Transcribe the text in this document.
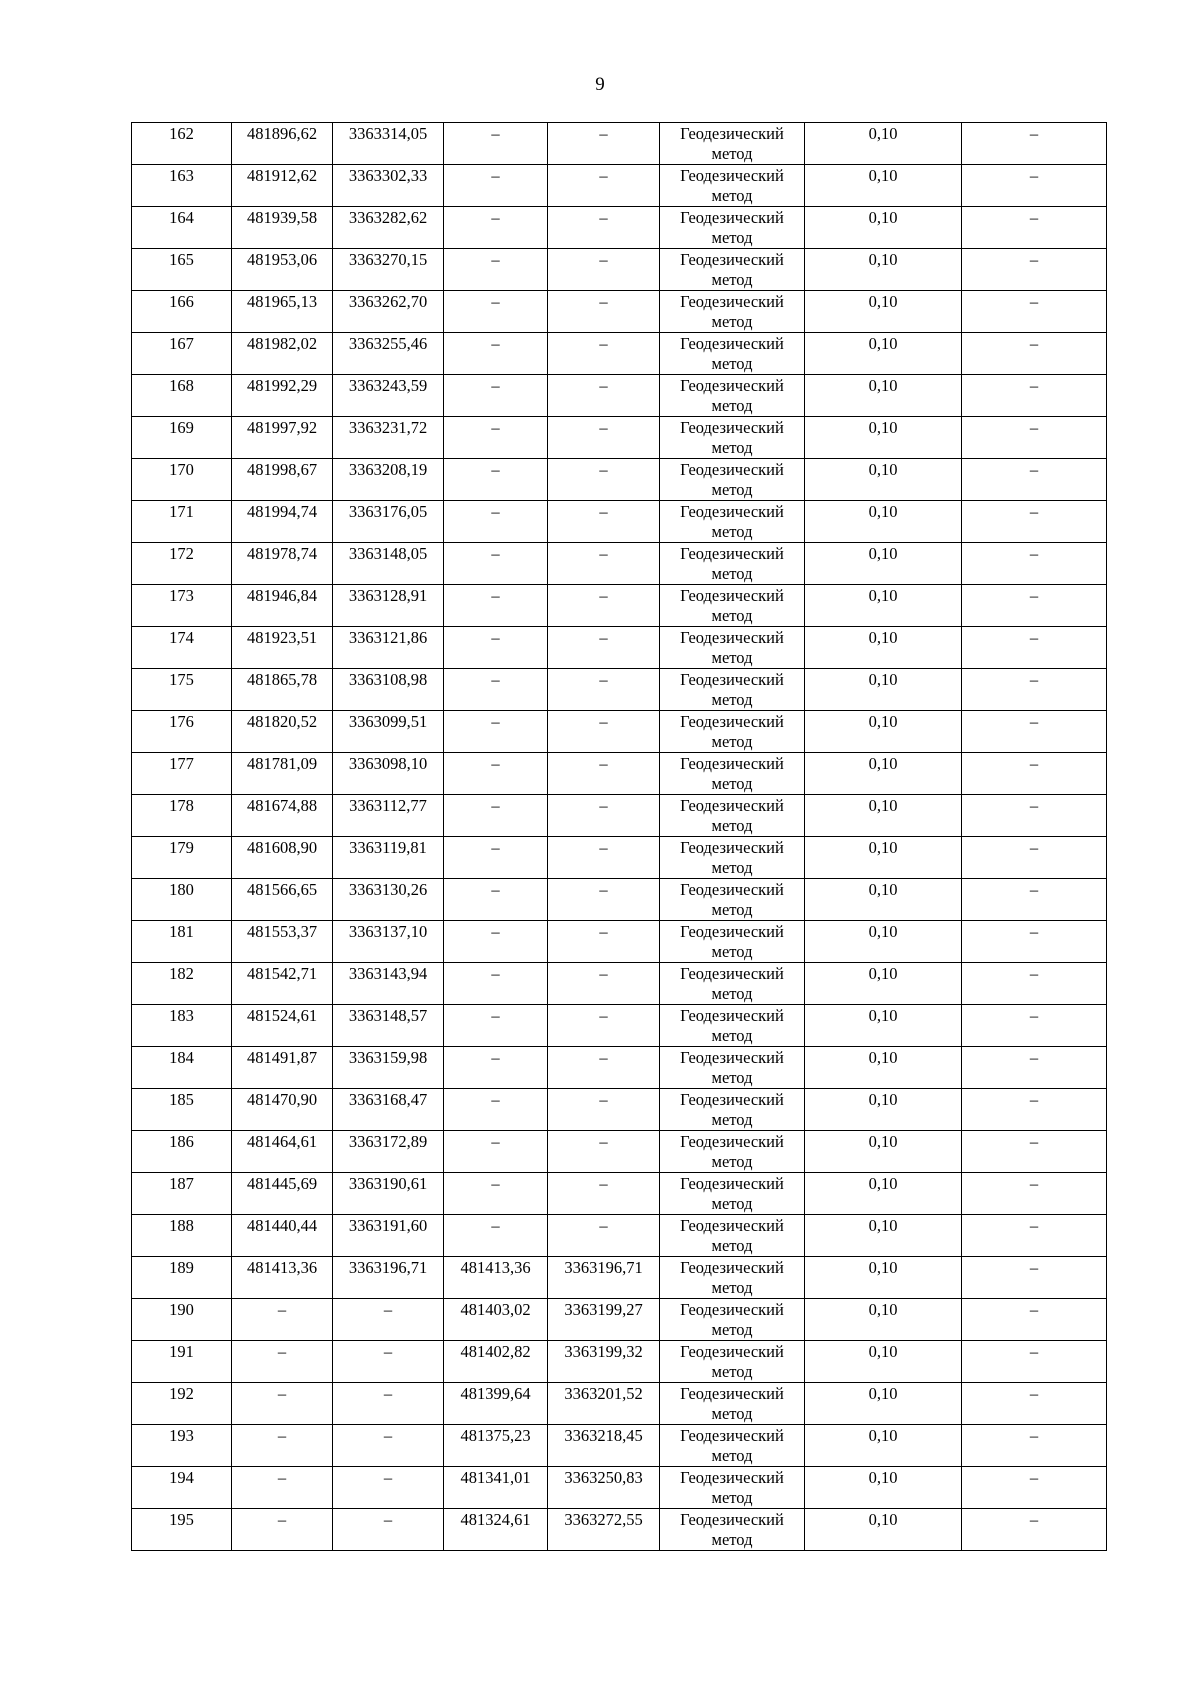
9
162	481896,62	3363314,05	–	–	Геодезический метод	0,10	–
163	481912,62	3363302,33	–	–	Геодезический метод	0,10	–
164	481939,58	3363282,62	–	–	Геодезический метод	0,10	–
165	481953,06	3363270,15	–	–	Геодезический метод	0,10	–
166	481965,13	3363262,70	–	–	Геодезический метод	0,10	–
167	481982,02	3363255,46	–	–	Геодезический метод	0,10	–
168	481992,29	3363243,59	–	–	Геодезический метод	0,10	–
169	481997,92	3363231,72	–	–	Геодезический метод	0,10	–
170	481998,67	3363208,19	–	–	Геодезический метод	0,10	–
171	481994,74	3363176,05	–	–	Геодезический метод	0,10	–
172	481978,74	3363148,05	–	–	Геодезический метод	0,10	–
173	481946,84	3363128,91	–	–	Геодезический метод	0,10	–
174	481923,51	3363121,86	–	–	Геодезический метод	0,10	–
175	481865,78	3363108,98	–	–	Геодезический метод	0,10	–
176	481820,52	3363099,51	–	–	Геодезический метод	0,10	–
177	481781,09	3363098,10	–	–	Геодезический метод	0,10	–
178	481674,88	3363112,77	–	–	Геодезический метод	0,10	–
179	481608,90	3363119,81	–	–	Геодезический метод	0,10	–
180	481566,65	3363130,26	–	–	Геодезический метод	0,10	–
181	481553,37	3363137,10	–	–	Геодезический метод	0,10	–
182	481542,71	3363143,94	–	–	Геодезический метод	0,10	–
183	481524,61	3363148,57	–	–	Геодезический метод	0,10	–
184	481491,87	3363159,98	–	–	Геодезический метод	0,10	–
185	481470,90	3363168,47	–	–	Геодезический метод	0,10	–
186	481464,61	3363172,89	–	–	Геодезический метод	0,10	–
187	481445,69	3363190,61	–	–	Геодезический метод	0,10	–
188	481440,44	3363191,60	–	–	Геодезический метод	0,10	–
189	481413,36	3363196,71	481413,36	3363196,71	Геодезический метод	0,10	–
190	–	–	481403,02	3363199,27	Геодезический метод	0,10	–
191	–	–	481402,82	3363199,32	Геодезический метод	0,10	–
192	–	–	481399,64	3363201,52	Геодезический метод	0,10	–
193	–	–	481375,23	3363218,45	Геодезический метод	0,10	–
194	–	–	481341,01	3363250,83	Геодезический метод	0,10	–
195	–	–	481324,61	3363272,55	Геодезический метод	0,10	–
